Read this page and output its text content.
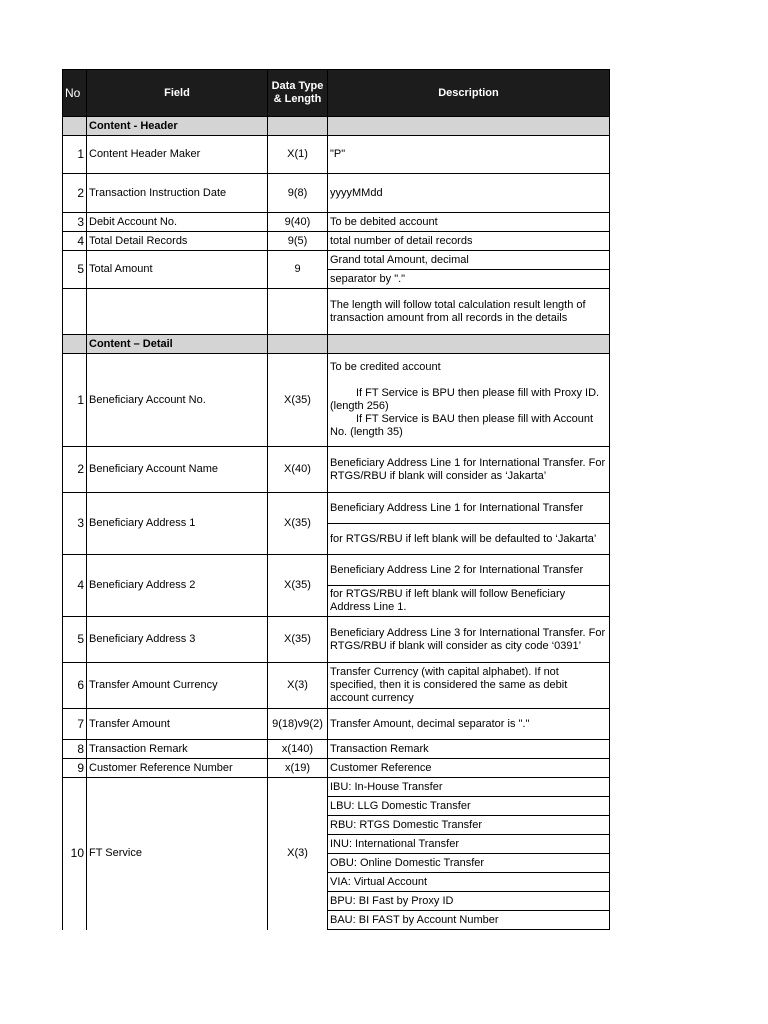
No	Field	Data Type & Length	Description
	Content - Header		
1	Content Header Maker	X(1)	"P"
2	Transaction Instruction Date	9(8)	yyyyMMdd
3	Debit Account No.	9(40)	To be debited account
4	Total Detail Records	9(5)	total number of detail records
5	Total Amount	9	Grand total Amount, decimal
			separator by "."
			The length will follow total calculation result length of transaction amount from all records in the details
	Content – Detail		
1	Beneficiary Account No.	X(35)	To be credited account
If FT Service is BPU then please fill with Proxy ID. (length 256)
If FT Service is BAU then please fill with Account No. (length 35)

2	Beneficiary Account Name	X(40)	Beneficiary Address Line 1 for International Transfer. For RTGS/RBU if blank will consider as ‘Jakarta’
3	Beneficiary Address 1	X(35)	Beneficiary Address Line 1 for International Transfer
			for RTGS/RBU if left blank will be defaulted to ‘Jakarta’
4	Beneficiary Address 2	X(35)	Beneficiary Address Line 2 for International Transfer
			for RTGS/RBU if left blank will follow Beneficiary Address Line 1.
5	Beneficiary Address 3	X(35)	Beneficiary Address Line 3 for International Transfer. For RTGS/RBU if blank will consider as city code ‘0391’
6	Transfer Amount Currency	X(3)	Transfer Currency (with capital alphabet). If not specified, then it is considered the same as debit account currency
7	Transfer Amount	9(18)v9(2)	Transfer Amount, decimal separator is "."
8	Transaction Remark	x(140)	Transaction Remark
9	Customer Reference Number	x(19)	Customer Reference
10	FT Service	X(3)	IBU: In-House Transfer
			LBU: LLG Domestic Transfer
			RBU: RTGS Domestic Transfer
			INU: International Transfer
			OBU: Online Domestic Transfer
			VIA: Virtual Account
			BPU: BI Fast by Proxy ID
			BAU: BI FAST by Account Number
